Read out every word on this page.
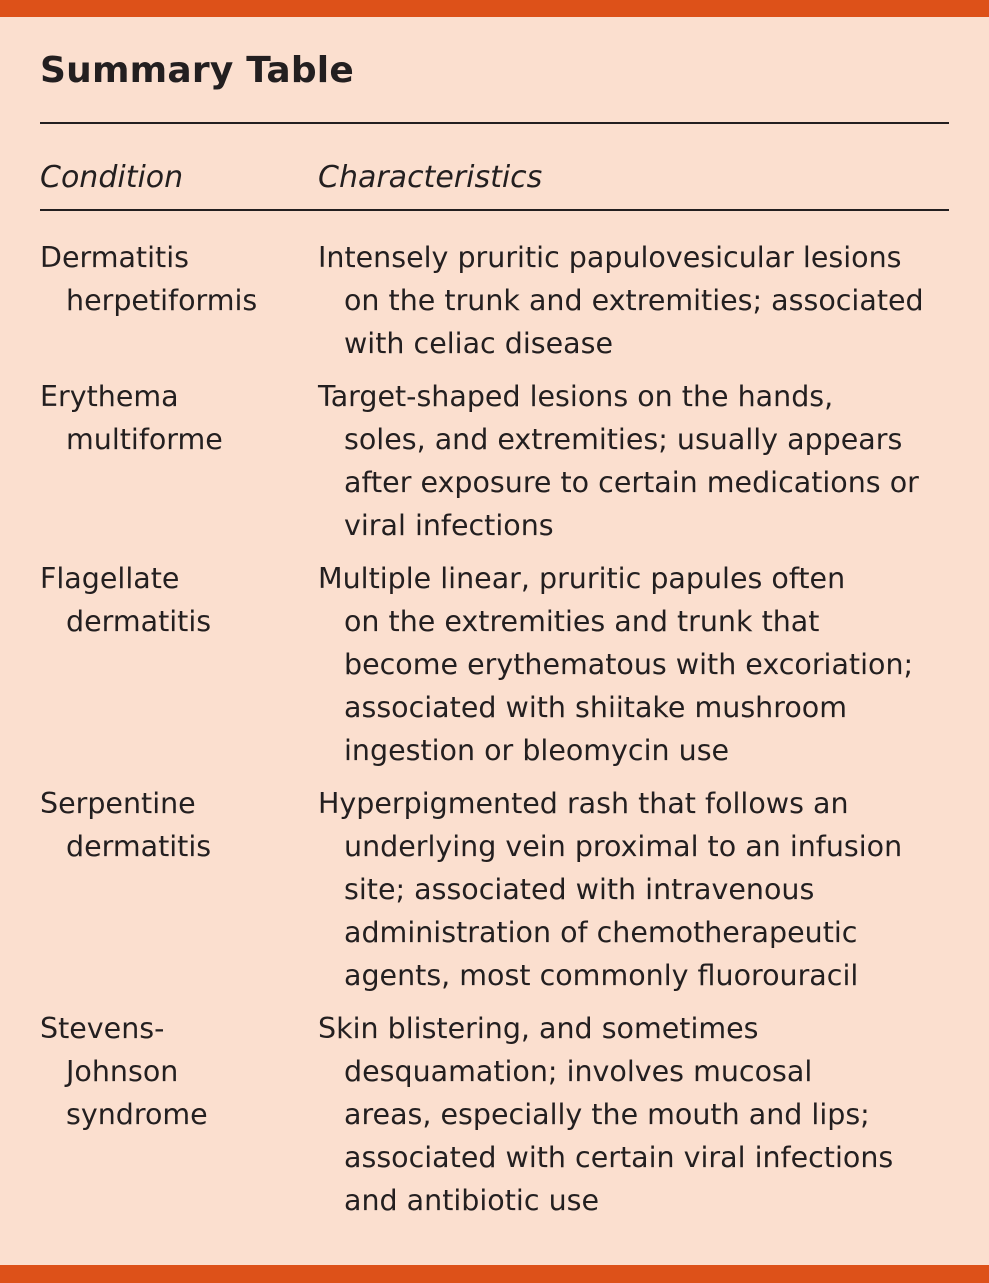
Summary Table
Condition	Characteristics
Dermatitis
herpetiformis
Intensely pruritic papulovesicular lesions
on the trunk and extremities; associated
with celiac disease
Erythema
multiforme
Target-shaped lesions on the hands,
soles, and extremities; usually appears
after exposure to certain medications or
viral infections
Flagellate
dermatitis
Multiple linear, pruritic papules often
on the extremities and trunk that
become erythematous with excoriation;
associated with shiitake mushroom
ingestion or bleomycin use
Serpentine
dermatitis
Hyperpigmented rash that follows an
underlying vein proximal to an infusion
site; associated with intravenous
administration of chemotherapeutic
agents, most commonly fluorouracil
Stevens-
Johnson
syndrome
Skin blistering, and sometimes
desquamation; involves mucosal
areas, especially the mouth and lips;
associated with certain viral infections
and antibiotic use
